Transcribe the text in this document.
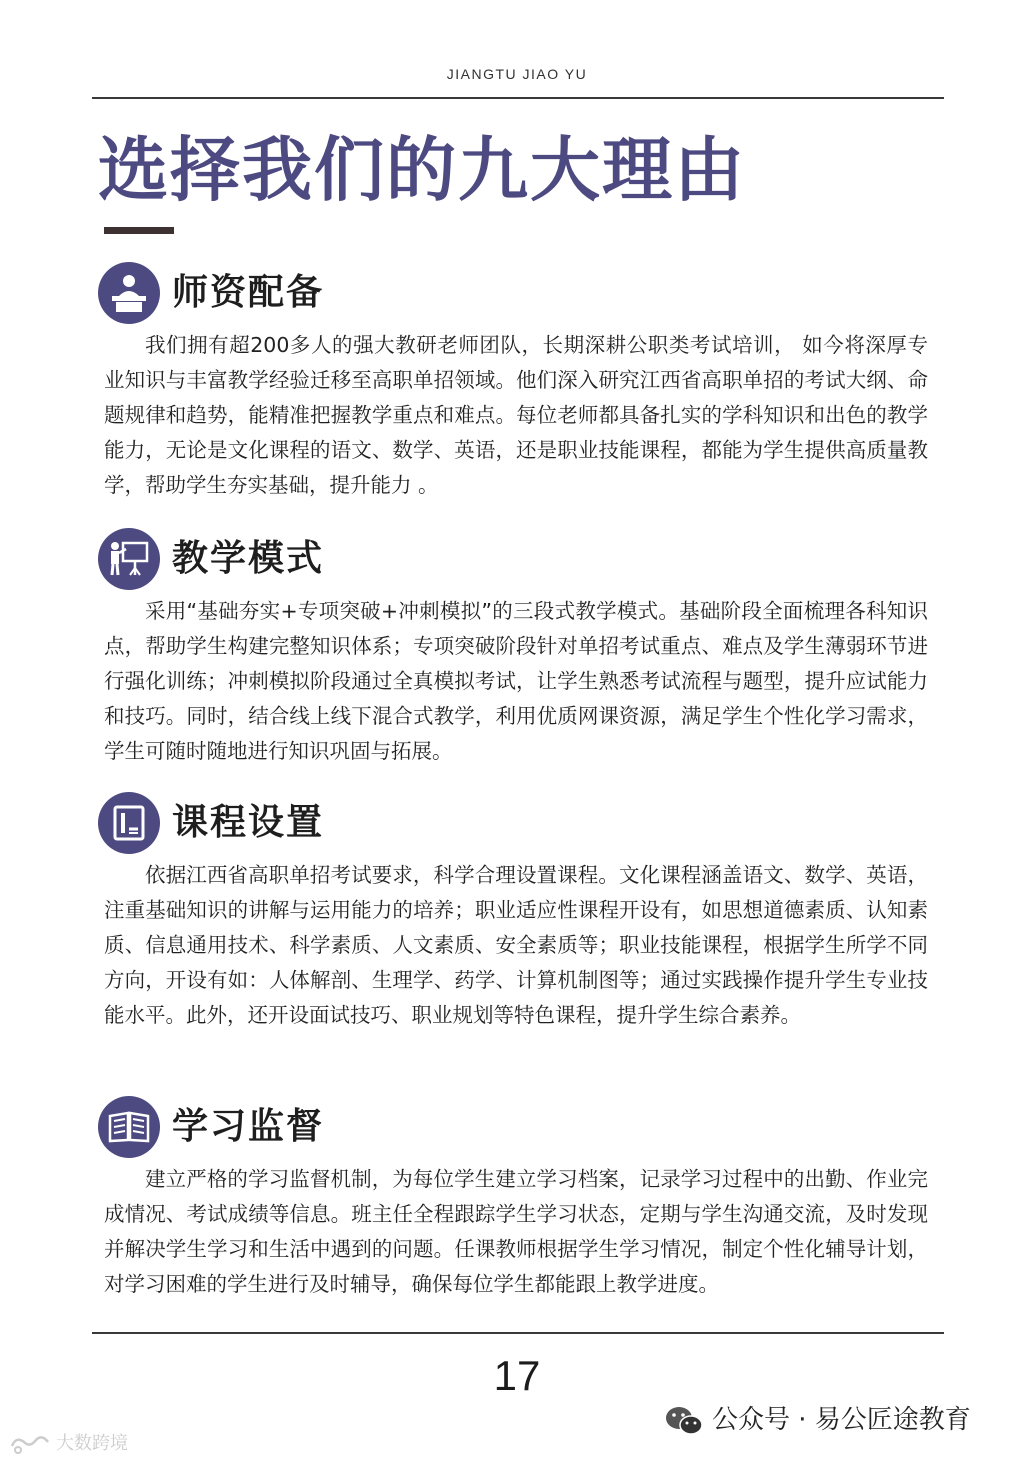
JIANGTU JIAO YU
选择我们的九大理由
师资配备

我们拥有超200多人的强大教研老师团队，长期深耕公职类考试培训， 如今将深厚专业知识与丰富教学经验迁移至高职单招领域。他们深入研究江西省高职单招的考试大纲、命题规律和趋势，能精准把握教学重点和难点。每位老师都具备扎实的学科知识和出色的教学能力，无论是文化课程的语文、数学、英语，还是职业技能课程，都能为学生提供高质量教学，帮助学生夯实基础，提升能力 。

教学模式

采用“基础夯实+专项突破+冲刺模拟”的三段式教学模式。基础阶段全面梳理各科知识点，帮助学生构建完整知识体系；专项突破阶段针对单招考试重点、难点及学生薄弱环节进行强化训练；冲刺模拟阶段通过全真模拟考试，让学生熟悉考试流程与题型，提升应试能力和技巧。同时，结合线上线下混合式教学，利用优质网课资源，满足学生个性化学习需求，学生可随时随地进行知识巩固与拓展。

课程设置

依据江西省高职单招考试要求，科学合理设置课程。文化课程涵盖语文、数学、英语，注重基础知识的讲解与运用能力的培养；职业适应性课程开设有，如思想道德素质、认知素质、信息通用技术、科学素质、人文素质、安全素质等；职业技能课程，根据学生所学不同方向，开设有如：人体解剖、生理学、药学、计算机制图等；通过实践操作提升学生专业技能水平。此外，还开设面试技巧、职业规划等特色课程，提升学生综合素养。

学习监督

建立严格的学习监督机制，为每位学生建立学习档案，记录学习过程中的出勤、作业完成情况、考试成绩等信息。班主任全程跟踪学生学习状态，定期与学生沟通交流，及时发现并解决学生学习和生活中遇到的问题。任课教师根据学生学习情况，制定个性化辅导计划，对学习困难的学生进行及时辅导，确保每位学生都能跟上教学进度。

17
公众号 · 易公匠途教育
大数跨境
